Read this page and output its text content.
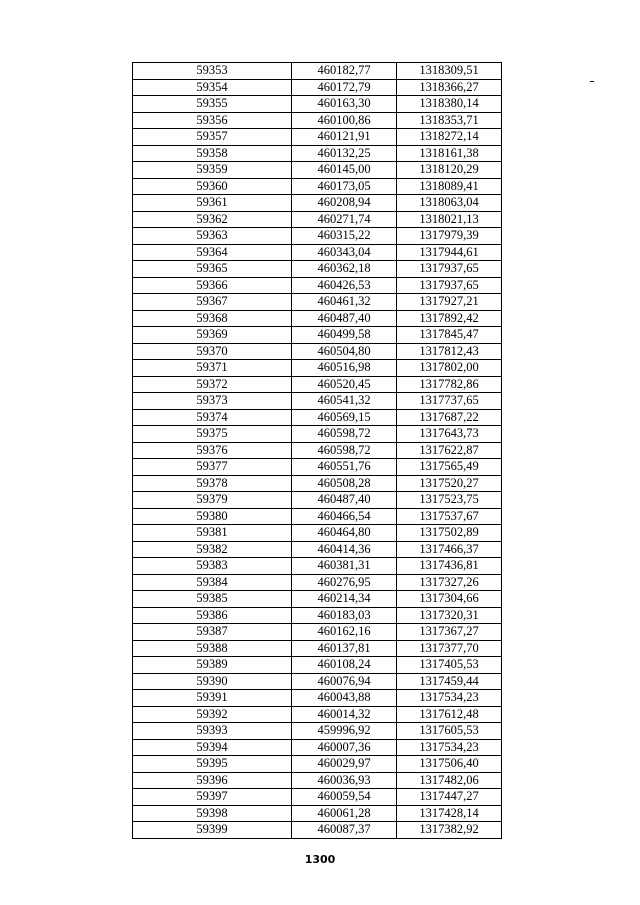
59353	460182,77	1318309,51
59354	460172,79	1318366,27
59355	460163,30	1318380,14
59356	460100,86	1318353,71
59357	460121,91	1318272,14
59358	460132,25	1318161,38
59359	460145,00	1318120,29
59360	460173,05	1318089,41
59361	460208,94	1318063,04
59362	460271,74	1318021,13
59363	460315,22	1317979,39
59364	460343,04	1317944,61
59365	460362,18	1317937,65
59366	460426,53	1317937,65
59367	460461,32	1317927,21
59368	460487,40	1317892,42
59369	460499,58	1317845,47
59370	460504,80	1317812,43
59371	460516,98	1317802,00
59372	460520,45	1317782,86
59373	460541,32	1317737,65
59374	460569,15	1317687,22
59375	460598,72	1317643,73
59376	460598,72	1317622,87
59377	460551,76	1317565,49
59378	460508,28	1317520,27
59379	460487,40	1317523,75
59380	460466,54	1317537,67
59381	460464,80	1317502,89
59382	460414,36	1317466,37
59383	460381,31	1317436,81
59384	460276,95	1317327,26
59385	460214,34	1317304,66
59386	460183,03	1317320,31
59387	460162,16	1317367,27
59388	460137,81	1317377,70
59389	460108,24	1317405,53
59390	460076,94	1317459,44
59391	460043,88	1317534,23
59392	460014,32	1317612,48
59393	459996,92	1317605,53
59394	460007,36	1317534,23
59395	460029,97	1317506,40
59396	460036,93	1317482,06
59397	460059,54	1317447,27
59398	460061,28	1317428,14
59399	460087,37	1317382,92
1300
